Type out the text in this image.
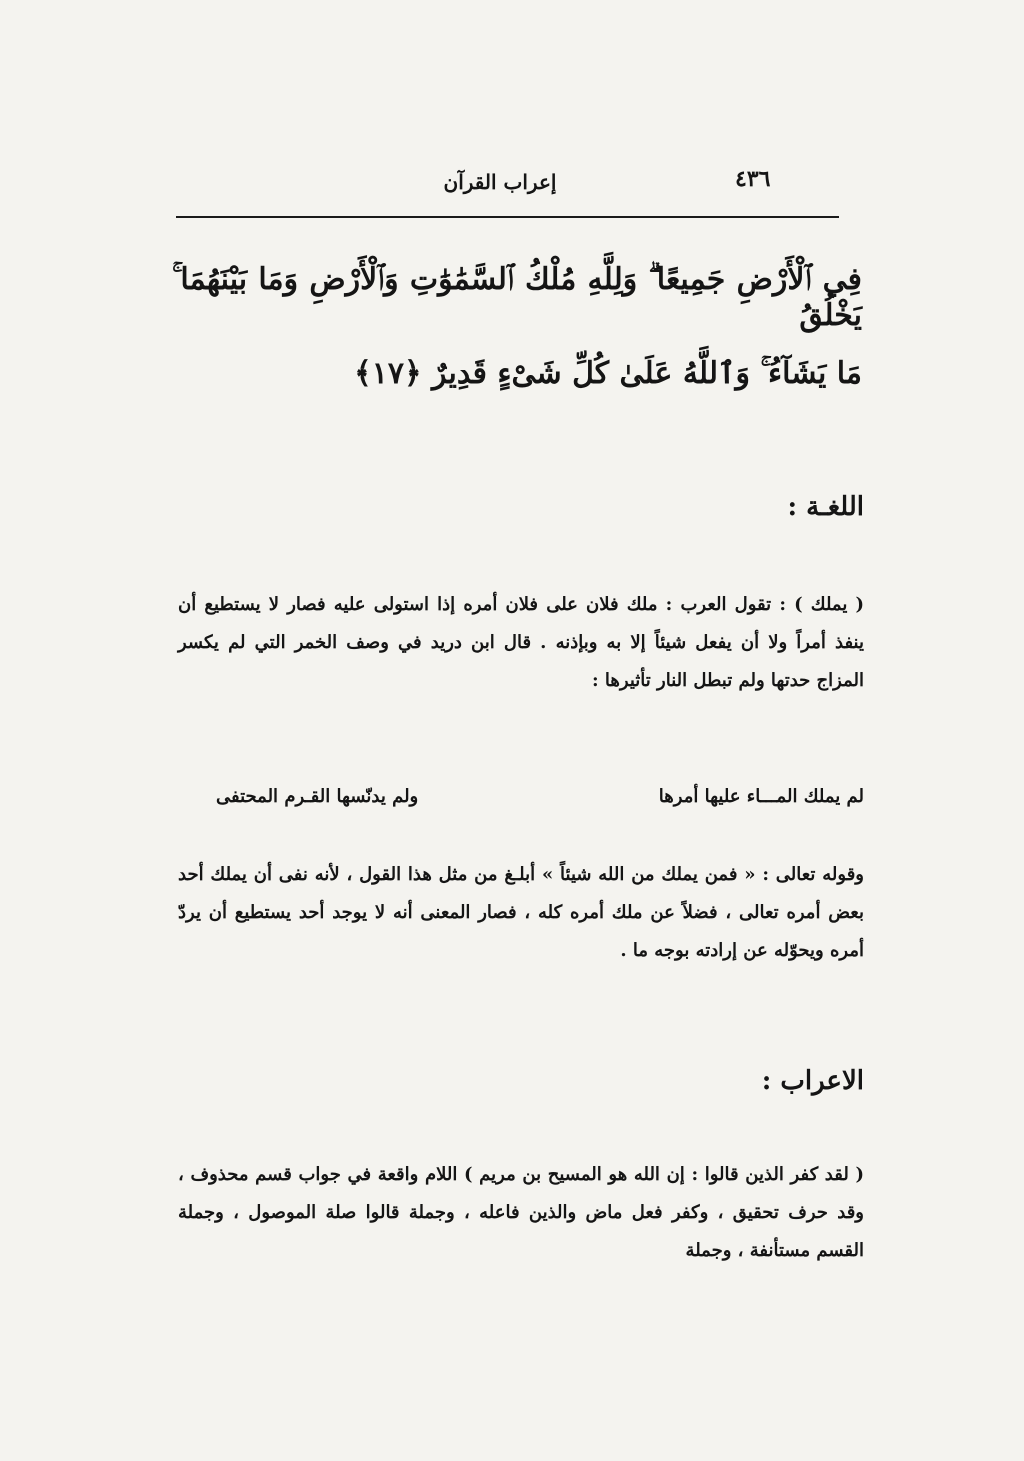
٤٣٦
إعراب القرآن
فِي ٱلْأَرْضِ جَمِيعًا ۗ وَلِلَّهِ مُلْكُ ٱلسَّمَٰوَٰتِ وَٱلْأَرْضِ وَمَا بَيْنَهُمَا ۚ يَخْلُقُ
مَا يَشَآءُ ۚ وَٱللَّهُ عَلَىٰ كُلِّ شَىْءٍ قَدِيرٌ ﴿١٧﴾
اللغـة :
( يملك ) : تقول العرب : ملك فلان على فلان أمره إذا استولى عليه فصار لا يستطيع أن ينفذ أمراً ولا أن يفعل شيئاً إلا به وبإذنه . قال ابن دريد في وصف الخمر التي لم يكسر المزاج حدتها ولم تبطل النار تأثيرها :
لم يملك المـــاء عليها أمرها
ولم يدنّسها القـرم المحتفى
وقوله تعالى : « فمن يملك من الله شيئاً » أبلـغ من مثل هذا القول ، لأنه نفى أن يملك أحد بعض أمره تعالى ، فضلاً عن ملك أمره كله ، فصار المعنى أنه لا يوجد أحد يستطيع أن يردّ أمره ويحوّله عن إرادته بوجه ما .
الاعراب :
( لقد كفر الذين قالوا : إن الله هو المسيح بن مريم ) اللام واقعة في جواب قسم محذوف ، وقد حرف تحقيق ، وكفر فعل ماض والذين فاعله ، وجملة قالوا صلة الموصول ، وجملة القسم مستأنفة ، وجملة
